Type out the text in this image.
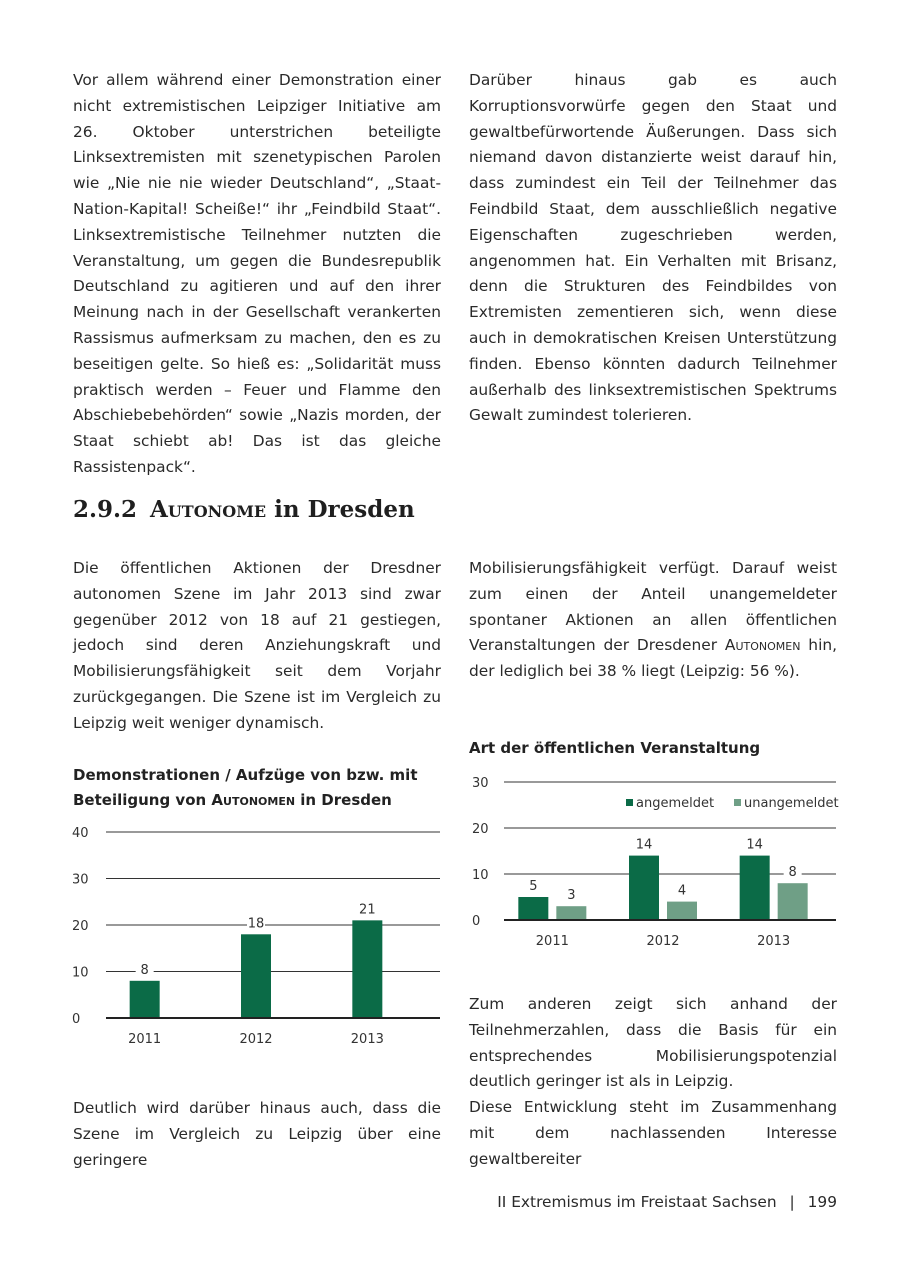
Vor allem während einer Demonstration einer nicht extremistischen Leipziger Initiative am 26. Oktober unterstrichen beteiligte Linksextremisten mit szenetypischen Parolen wie „Nie nie nie wieder Deutschland“, „Staat-Nation-Kapital! Scheiße!“ ihr „Feindbild Staat“. Linksextremistische Teilnehmer nutzten die Veranstaltung, um gegen die Bundesrepublik Deutschland zu agitieren und auf den ihrer Meinung nach in der Gesellschaft verankerten Rassismus aufmerksam zu machen, den es zu beseitigen gelte. So hieß es: „Solidarität muss praktisch werden – Feuer und Flamme den Abschiebebehörden“ sowie „Nazis morden, der Staat schiebt ab! Das ist das gleiche Rassistenpack“.

Darüber hinaus gab es auch Korruptionsvorwürfe gegen den Staat und gewaltbefürwortende Äußerungen. Dass sich niemand davon distanzierte weist darauf hin, dass zumindest ein Teil der Teilnehmer das Feindbild Staat, dem ausschließlich negative Eigenschaften zugeschrieben werden, angenommen hat. Ein Verhalten mit Brisanz, denn die Strukturen des Feindbildes von Extremisten zementieren sich, wenn diese auch in demokratischen Kreisen Unterstützung finden. Ebenso könnten dadurch Teilnehmer außerhalb des linksextremistischen Spektrums Gewalt zumindest tolerieren.

2.9.2 Autonome in Dresden

Die öffentlichen Aktionen der Dresdner autonomen Szene im Jahr 2013 sind zwar gegenüber 2012 von 18 auf 21 gestiegen, jedoch sind deren Anziehungskraft und Mobilisierungsfähigkeit seit dem Vorjahr zurückgegangen. Die Szene ist im Vergleich zu Leipzig weit weniger dynamisch.

Mobilisierungsfähigkeit verfügt. Darauf weist zum einen der Anteil unangemeldeter spontaner Aktionen an allen öffentlichen Veranstaltungen der Dresdener Autonomen hin, der lediglich bei 38 % liegt (Leipzig: 56 %).

Demonstrationen / Aufzüge von bzw. mit
Beteiligung von Autonomen in Dresden
0
10
20
30
40
8
2011
18
2012
21
2013
Art der öffentlichen Veranstaltung
0
10
20
30
angemeldet unangemeldet
5
3
2011
14
4
2012
14
8
2013

Deutlich wird darüber hinaus auch, dass die Szene im Vergleich zu Leipzig über eine geringere

Zum anderen zeigt sich anhand der Teilnehmerzahlen, dass die Basis für ein entsprechendes Mobilisierungspotenzial deutlich geringer ist als in Leipzig.

Diese Entwicklung steht im Zusammenhang mit dem nachlassenden Interesse gewaltbereiter

II Extremismus im Freistaat Sachsen | 199
